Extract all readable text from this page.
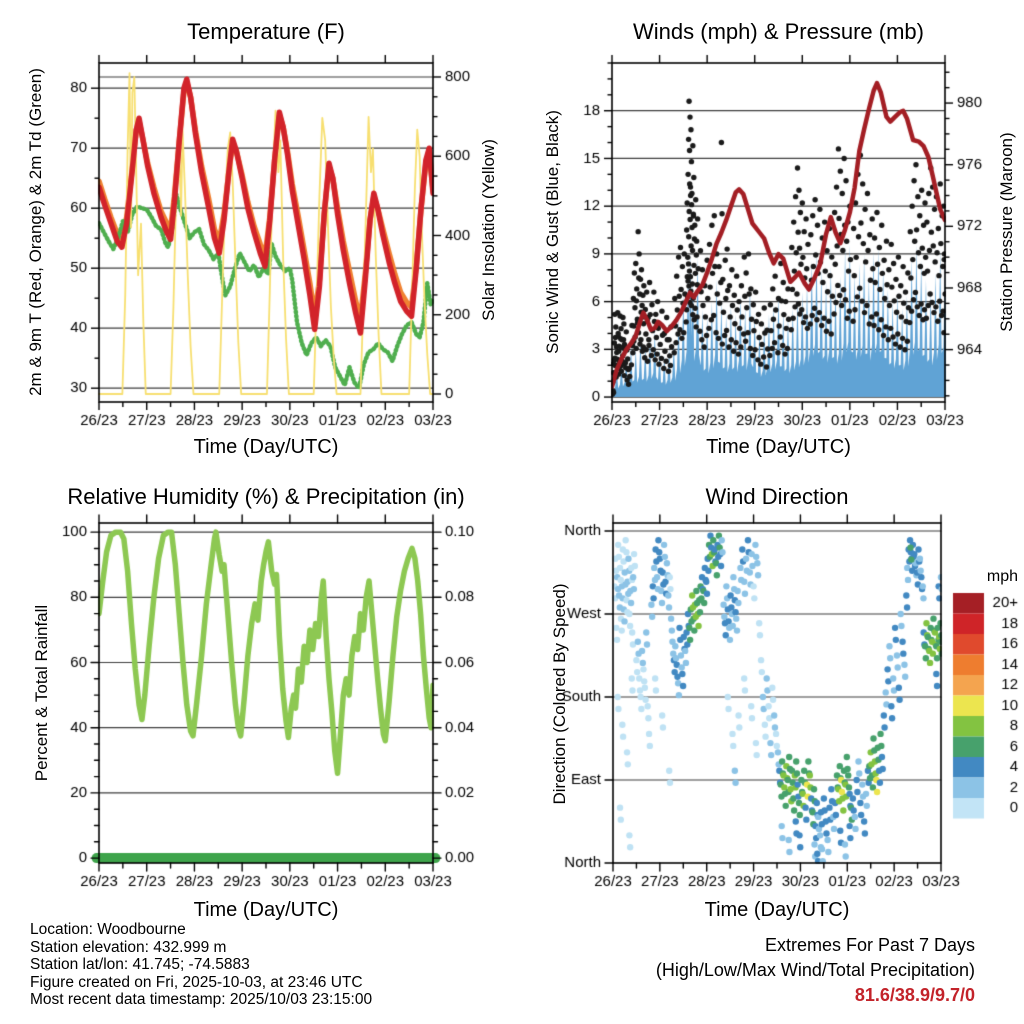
Temperature (F)	Winds (mph) & Pressure (mb)
Relative Humidity (%) & Precipitation (in)	Wind Direction
2m & 9m T (Red, Orange) & 2m Td (Green)	Solar Insolation (Yellow)	Sonic Wind & Gust (Blue, Black)	Station Pressure (Maroon)
Percent & Total Rainfall	Direction (Colored By Speed)
Time (Day/UTC)	Time (Day/UTC)
Time (Day/UTC)	Time (Day/UTC)
mph
Location: Woodbourne
Station elevation: 432.999 m
Station lat/lon: 41.745; -74.5883
Figure created on Fri, 2025-10-03, at 23:46 UTC
Most recent data timestamp: 2025/10/03 23:15:00
Extremes For Past 7 Days
(High/Low/Max Wind/Total Precipitation)
81.6/38.9/9.7/0
